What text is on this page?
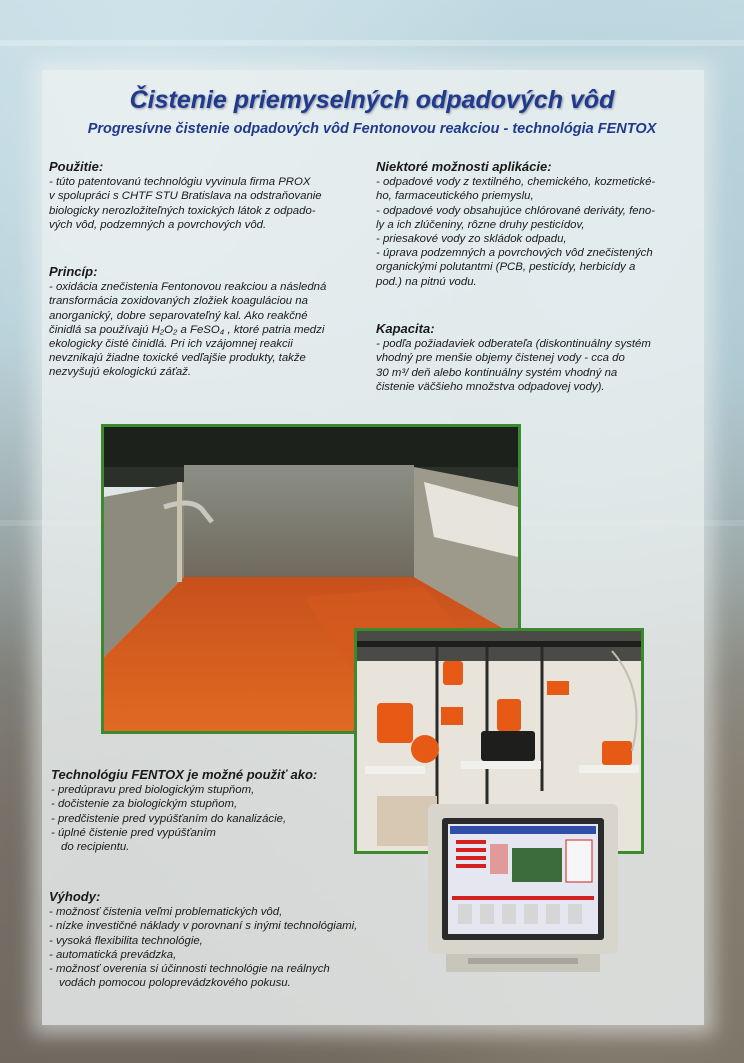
Čistenie priemyselných odpadových vôd
Progresívne čistenie odpadových vôd Fentonovou reakciou - technológia FENTOX
Použitie:

- túto patentovanú technológiu vyvinula firma PROX

v spolupráci s CHTF STU Bratislava na odstraňovanie

biologicky nerozložiteľných toxických látok z odpado-

vých vôd, podzemných a povrchových vôd.

Princíp:

- oxidácia znečistenia Fentonovou reakciou a následná

transformácia zoxidovaných zložiek koaguláciou na

anorganický, dobre separovateľný kal. Ako reakčné

činidlá sa používajú H₂O₂ a FeSO₄ , ktoré patria medzi

ekologicky čisté činidlá. Pri ich vzájomnej reakcii

nevznikajú žiadne toxické vedľajšie produkty, takže

nezvyšujú ekologickú záťaž.

Niektoré možnosti aplikácie:

- odpadové vody z textilného, chemického, kozmetické-

ho, farmaceutického priemyslu,

- odpadové vody obsahujúce chlórované deriváty, feno-

ly a ich zlúčeniny, rôzne druhy pesticídov,

- priesakové vody zo skládok odpadu,

- úprava podzemných a povrchových vôd znečistených

organickými polutantmi (PCB, pesticídy, herbicídy a

pod.) na pitnú vodu.

Kapacita:

- podľa požiadaviek odberateľa (diskontinuálny systém

vhodný pre menšie objemy čistenej vody - cca do

30 m³/ deň alebo kontinuálny systém vhodný na

čistenie väčšieho množstva odpadovej vody).

Technológiu FENTOX je možné použiť ako:

- predúpravu pred biologickým stupňom,

- dočistenie za biologickým stupňom,

- predčistenie pred vypúšťaním do kanalizácie,

- úplné čistenie pred vypúšťaním

do recipientu.

Výhody:

- možnosť čistenia veľmi problematických vôd,

- nízke investičné náklady v porovnaní s inými technológiami,

- vysoká flexibilita technológie,

- automatická prevádzka,

- možnosť overenia si účinnosti technológie na reálnych

vodách pomocou poloprevádzkového pokusu.
